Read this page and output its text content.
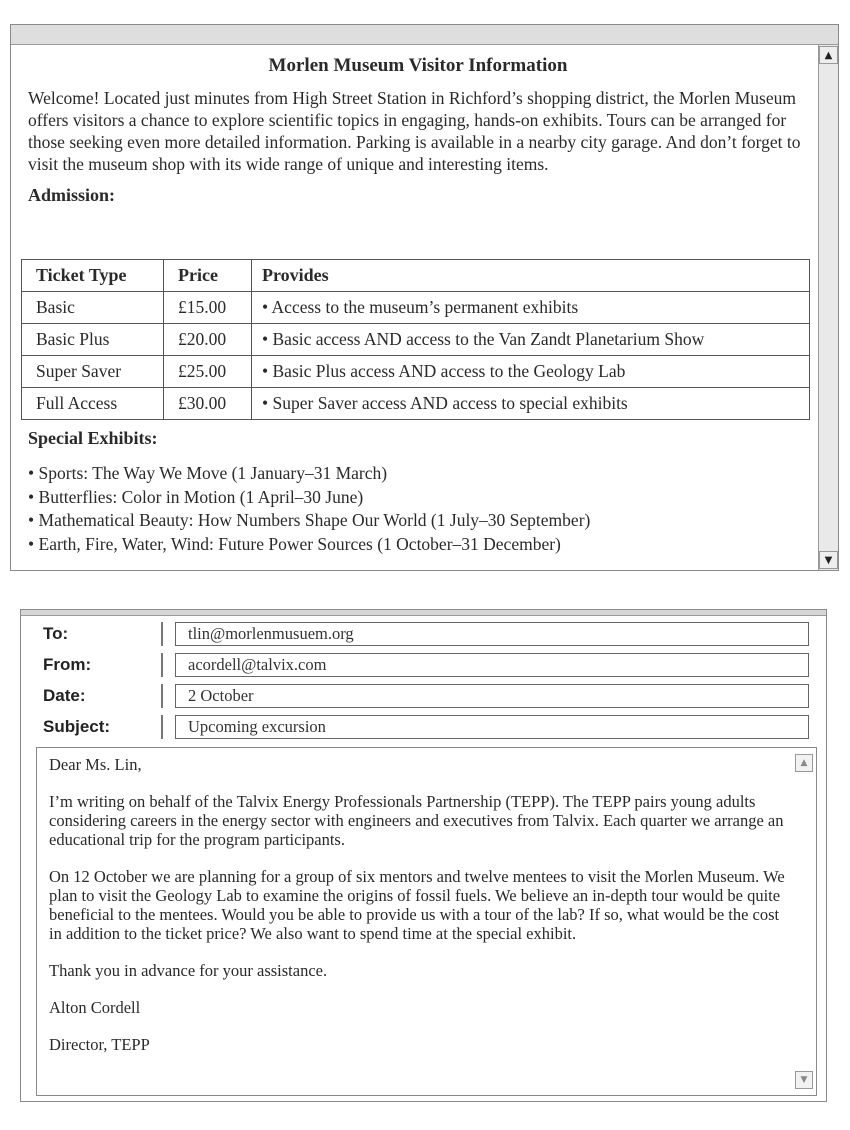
▲
▼
Morlen Museum Visitor Information
Welcome! Located just minutes from High Street Station in Richford’s shopping district, the Morlen Museum offers visitors a chance to explore scientific topics in engaging, hands-on exhibits. Tours can be arranged for those seeking even more detailed information. Parking is available in a nearby city garage. And don’t forget to visit the museum shop with its wide range of unique and interesting items.
Admission:
Ticket Type	Price	Provides
Basic	£15.00	• Access to the museum’s permanent exhibits
Basic Plus	£20.00	• Basic access AND access to the Van Zandt Planetarium Show
Super Saver	£25.00	• Basic Plus access AND access to the Geology Lab
Full Access	£30.00	• Super Saver access AND access to special exhibits
Special Exhibits:
• Sports: The Way We Move (1 January–31 March)
• Butterflies: Color in Motion (1 April–30 June)
• Mathematical Beauty: How Numbers Shape Our World (1 July–30 September)
• Earth, Fire, Water, Wind: Future Power Sources (1 October–31 December)
To:	tlin@morlenmusuem.org
From:	acordell@talvix.com
Date:	2 October
Subject:	Upcoming excursion

Dear Ms. Lin,

I’m writing on behalf of the Talvix Energy Professionals Partnership (TEPP). The TEPP pairs young adults considering careers in the energy sector with engineers and executives from Talvix. Each quarter we arrange an educational trip for the program participants.

On 12 October we are planning for a group of six mentors and twelve mentees to visit the Morlen Museum. We plan to visit the Geology Lab to examine the origins of fossil fuels. We believe an in-depth tour would be quite beneficial to the mentees. Would you be able to provide us with a tour of the lab? If so, what would be the cost in addition to the ticket price? We also want to spend time at the special exhibit.

Thank you in advance for your assistance.

Alton Cordell

Director, TEPP

▲
▼
